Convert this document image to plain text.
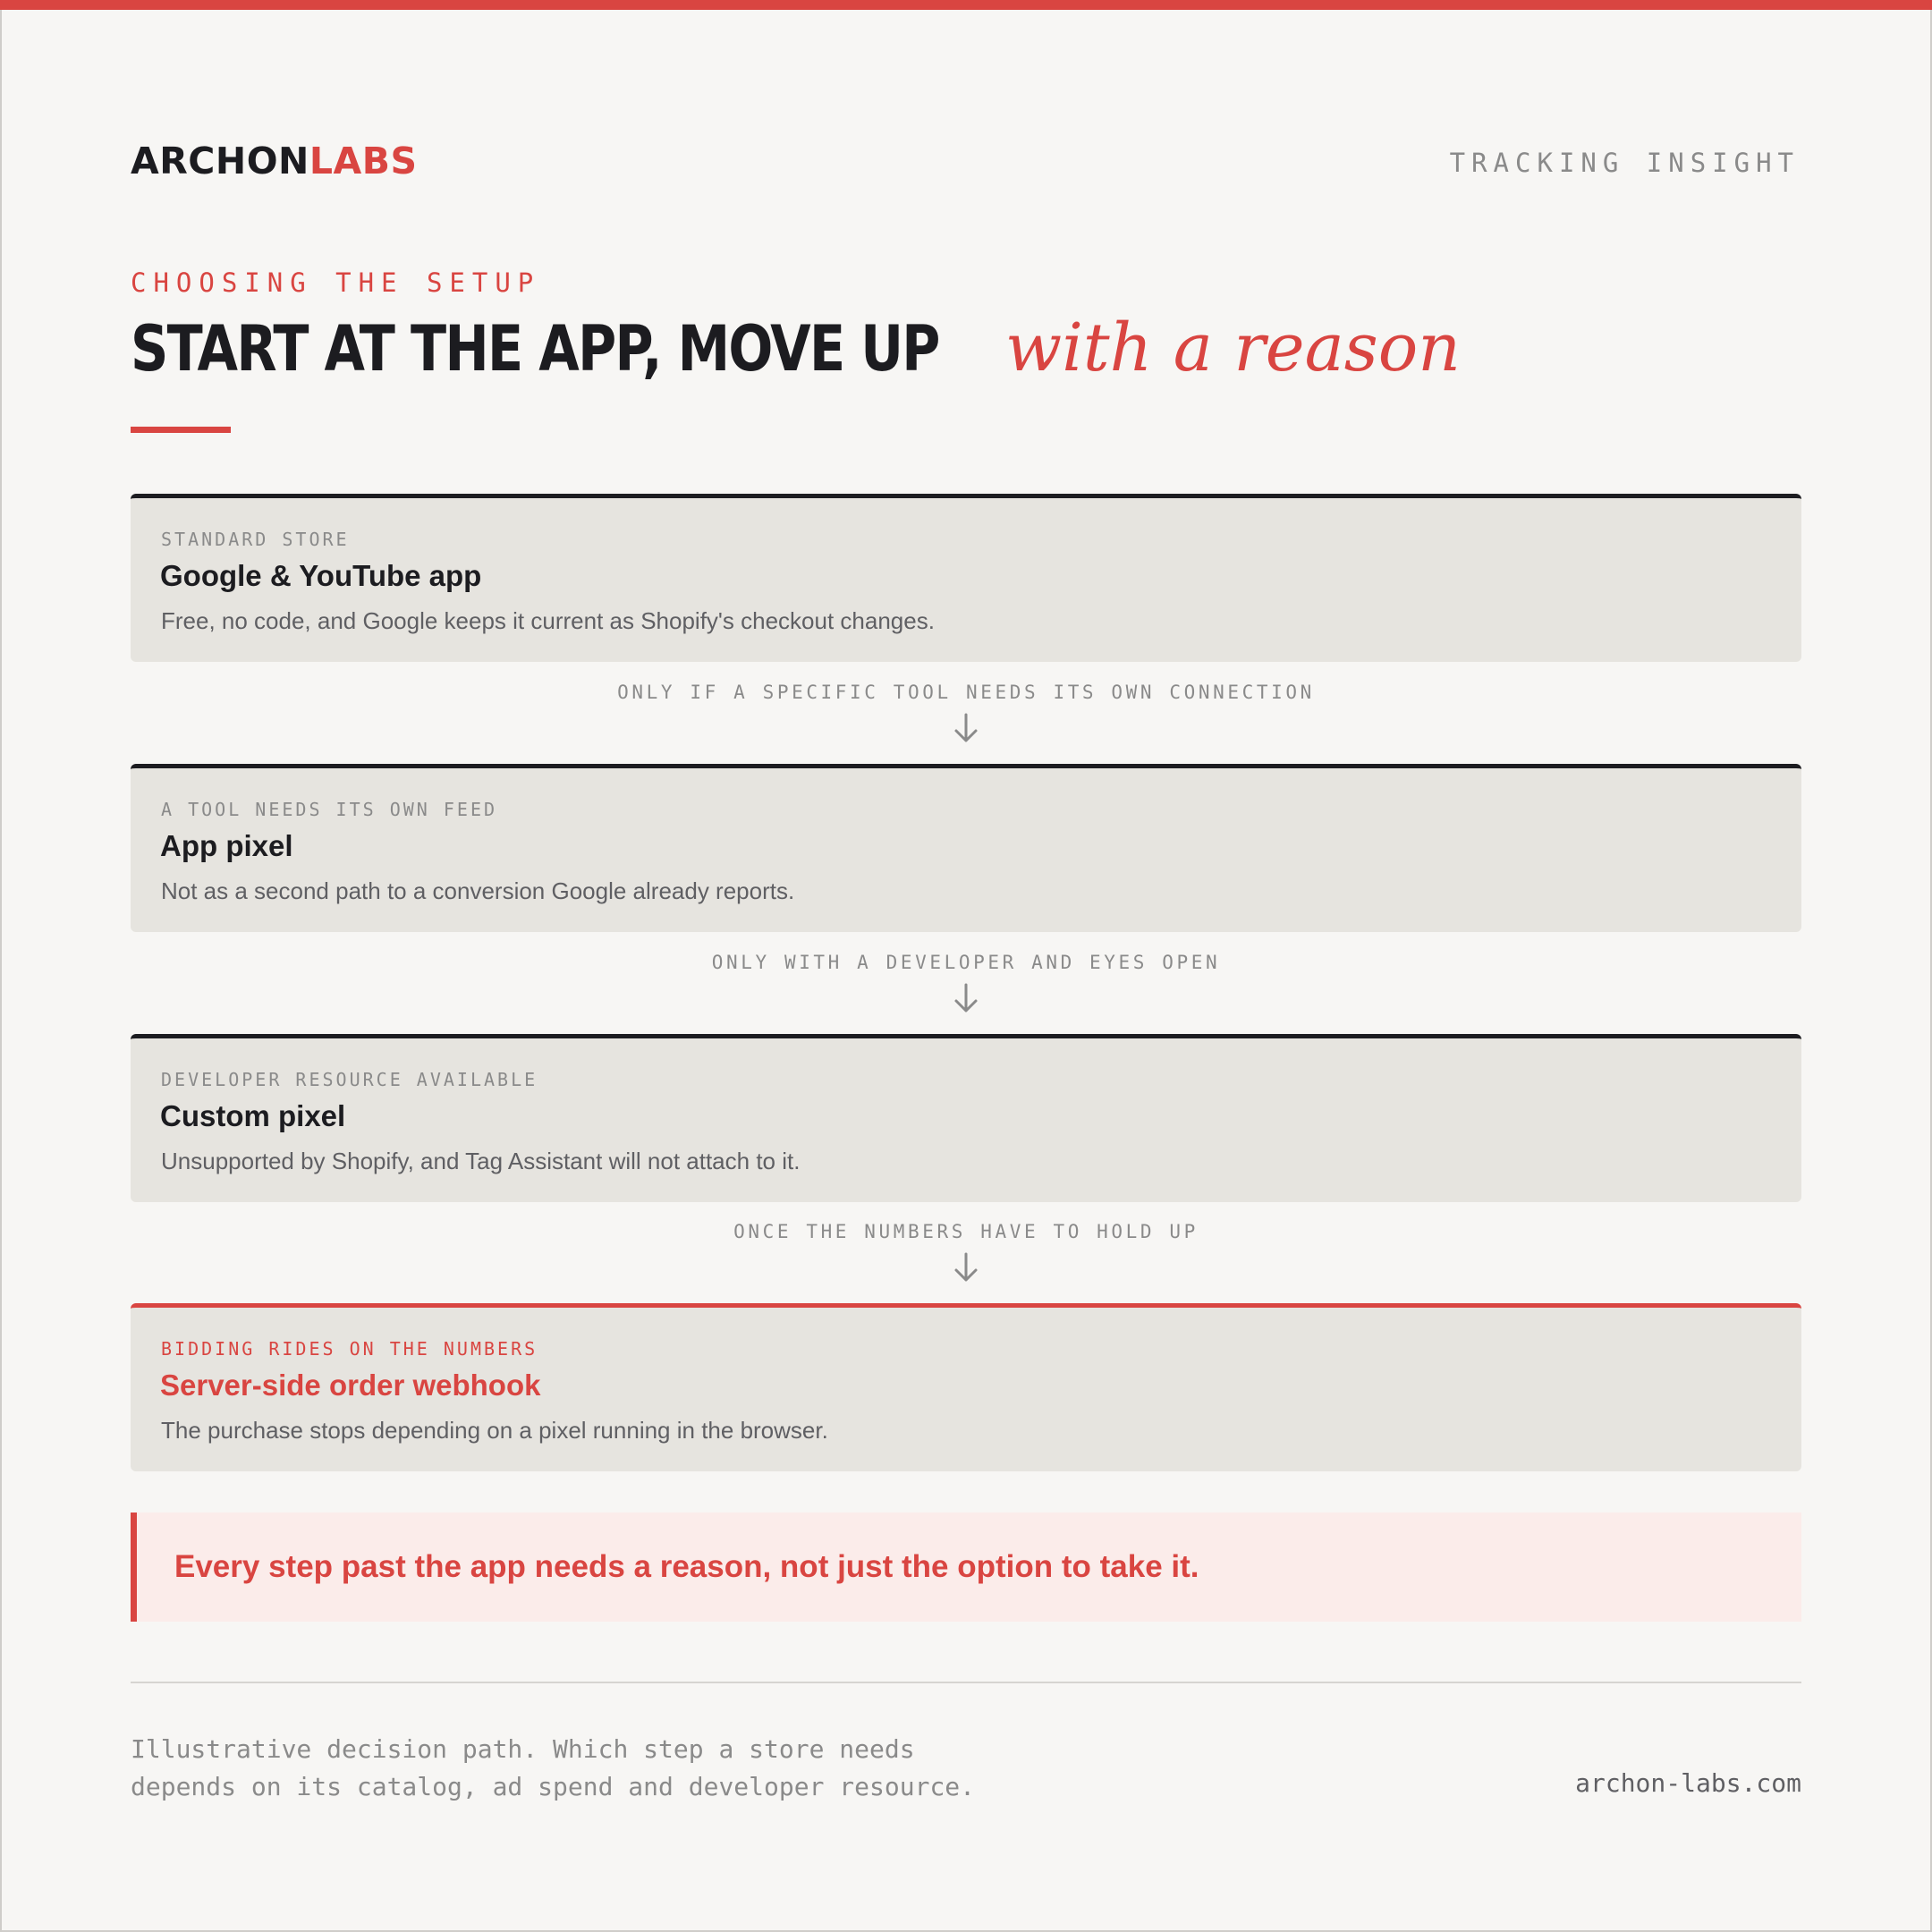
ARCHONLABS	TRACKING INSIGHT
CHOOSING THE SETUP
START AT THE APP, MOVE UP with a reason
STANDARD STORE
Google & YouTube app
Free, no code, and Google keeps it current as Shopify's checkout changes.
ONLY IF A SPECIFIC TOOL NEEDS ITS OWN CONNECTION
A TOOL NEEDS ITS OWN FEED
App pixel
Not as a second path to a conversion Google already reports.
ONLY WITH A DEVELOPER AND EYES OPEN
DEVELOPER RESOURCE AVAILABLE
Custom pixel
Unsupported by Shopify, and Tag Assistant will not attach to it.
ONCE THE NUMBERS HAVE TO HOLD UP
BIDDING RIDES ON THE NUMBERS
Server-side order webhook
The purchase stops depending on a pixel running in the browser.
Every step past the app needs a reason, not just the option to take it.
Illustrative decision path. Which step a store needs
depends on its catalog, ad spend and developer resource.	archon-labs.com
